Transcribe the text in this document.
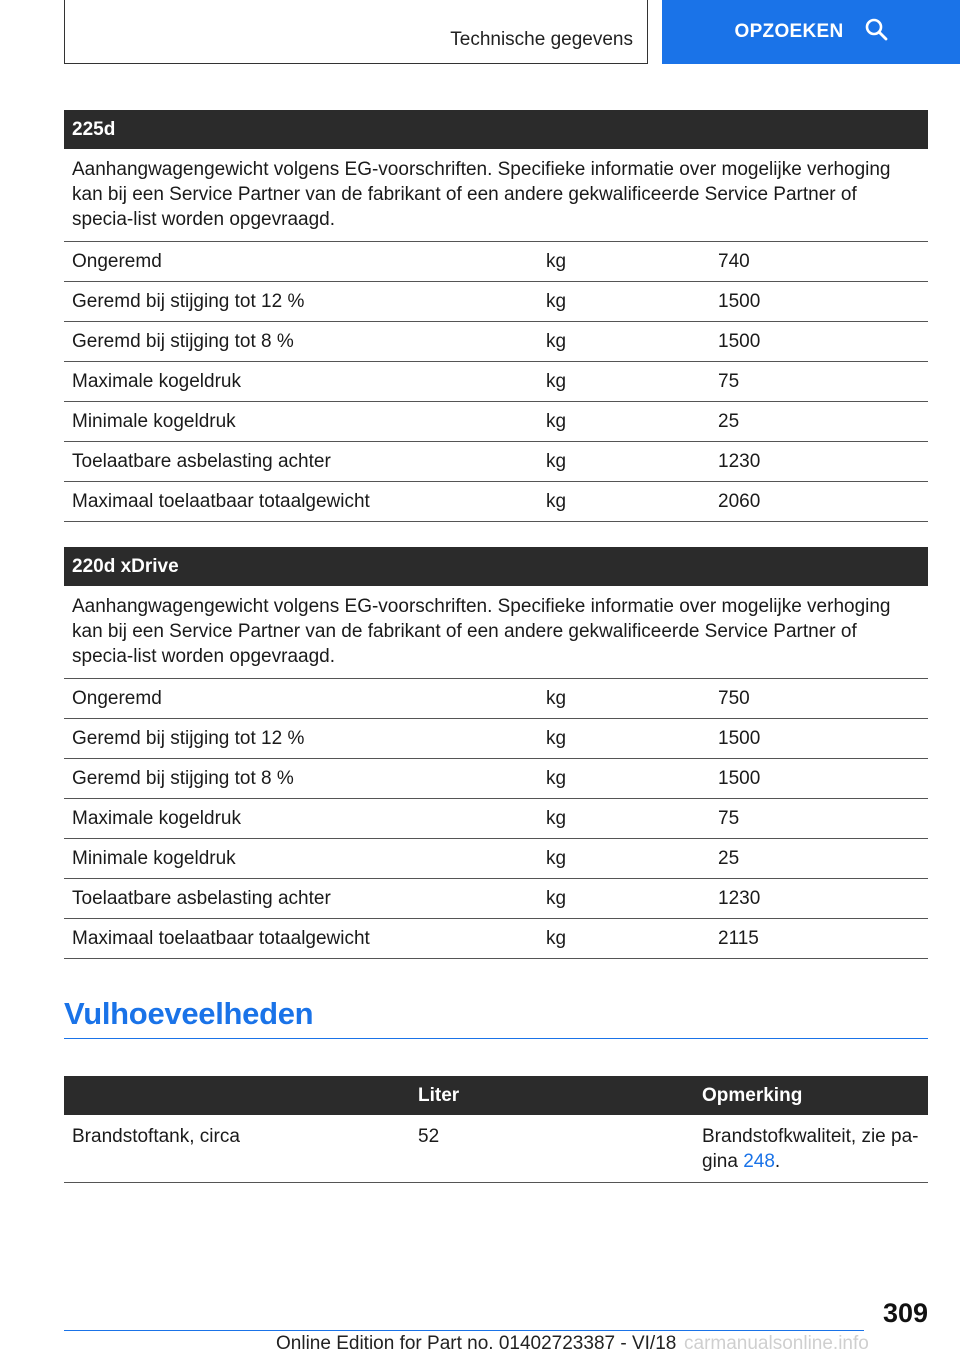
Technische gegevens	OPZOEKEN
225d		
Aanhangwagengewicht volgens EG-voorschriften. Specifieke informatie over mogelijke verhoging kan bij een Service Partner van de fabrikant of een andere gekwalificeerde Service Partner of specia-list worden opgevraagd.		
Ongeremd	kg	740
Geremd bij stijging tot 12 %	kg	1500
Geremd bij stijging tot 8 %	kg	1500
Maximale kogeldruk	kg	75
Minimale kogeldruk	kg	25
Toelaatbare asbelasting achter	kg	1230
Maximaal toelaatbaar totaalgewicht	kg	2060
220d xDrive		
Aanhangwagengewicht volgens EG-voorschriften. Specifieke informatie over mogelijke verhoging kan bij een Service Partner van de fabrikant of een andere gekwalificeerde Service Partner of specia-list worden opgevraagd.		
Ongeremd	kg	750
Geremd bij stijging tot 12 %	kg	1500
Geremd bij stijging tot 8 %	kg	1500
Maximale kogeldruk	kg	75
Minimale kogeldruk	kg	25
Toelaatbare asbelasting achter	kg	1230
Maximaal toelaatbaar totaalgewicht	kg	2115
Vulhoeveelheden
	Liter	Opmerking
Brandstoftank, circa	52	Brandstofkwaliteit, zie pa-gina 248.
309
Online Edition for Part no. 01402723387 - VI/18 carmanualsonline.info
